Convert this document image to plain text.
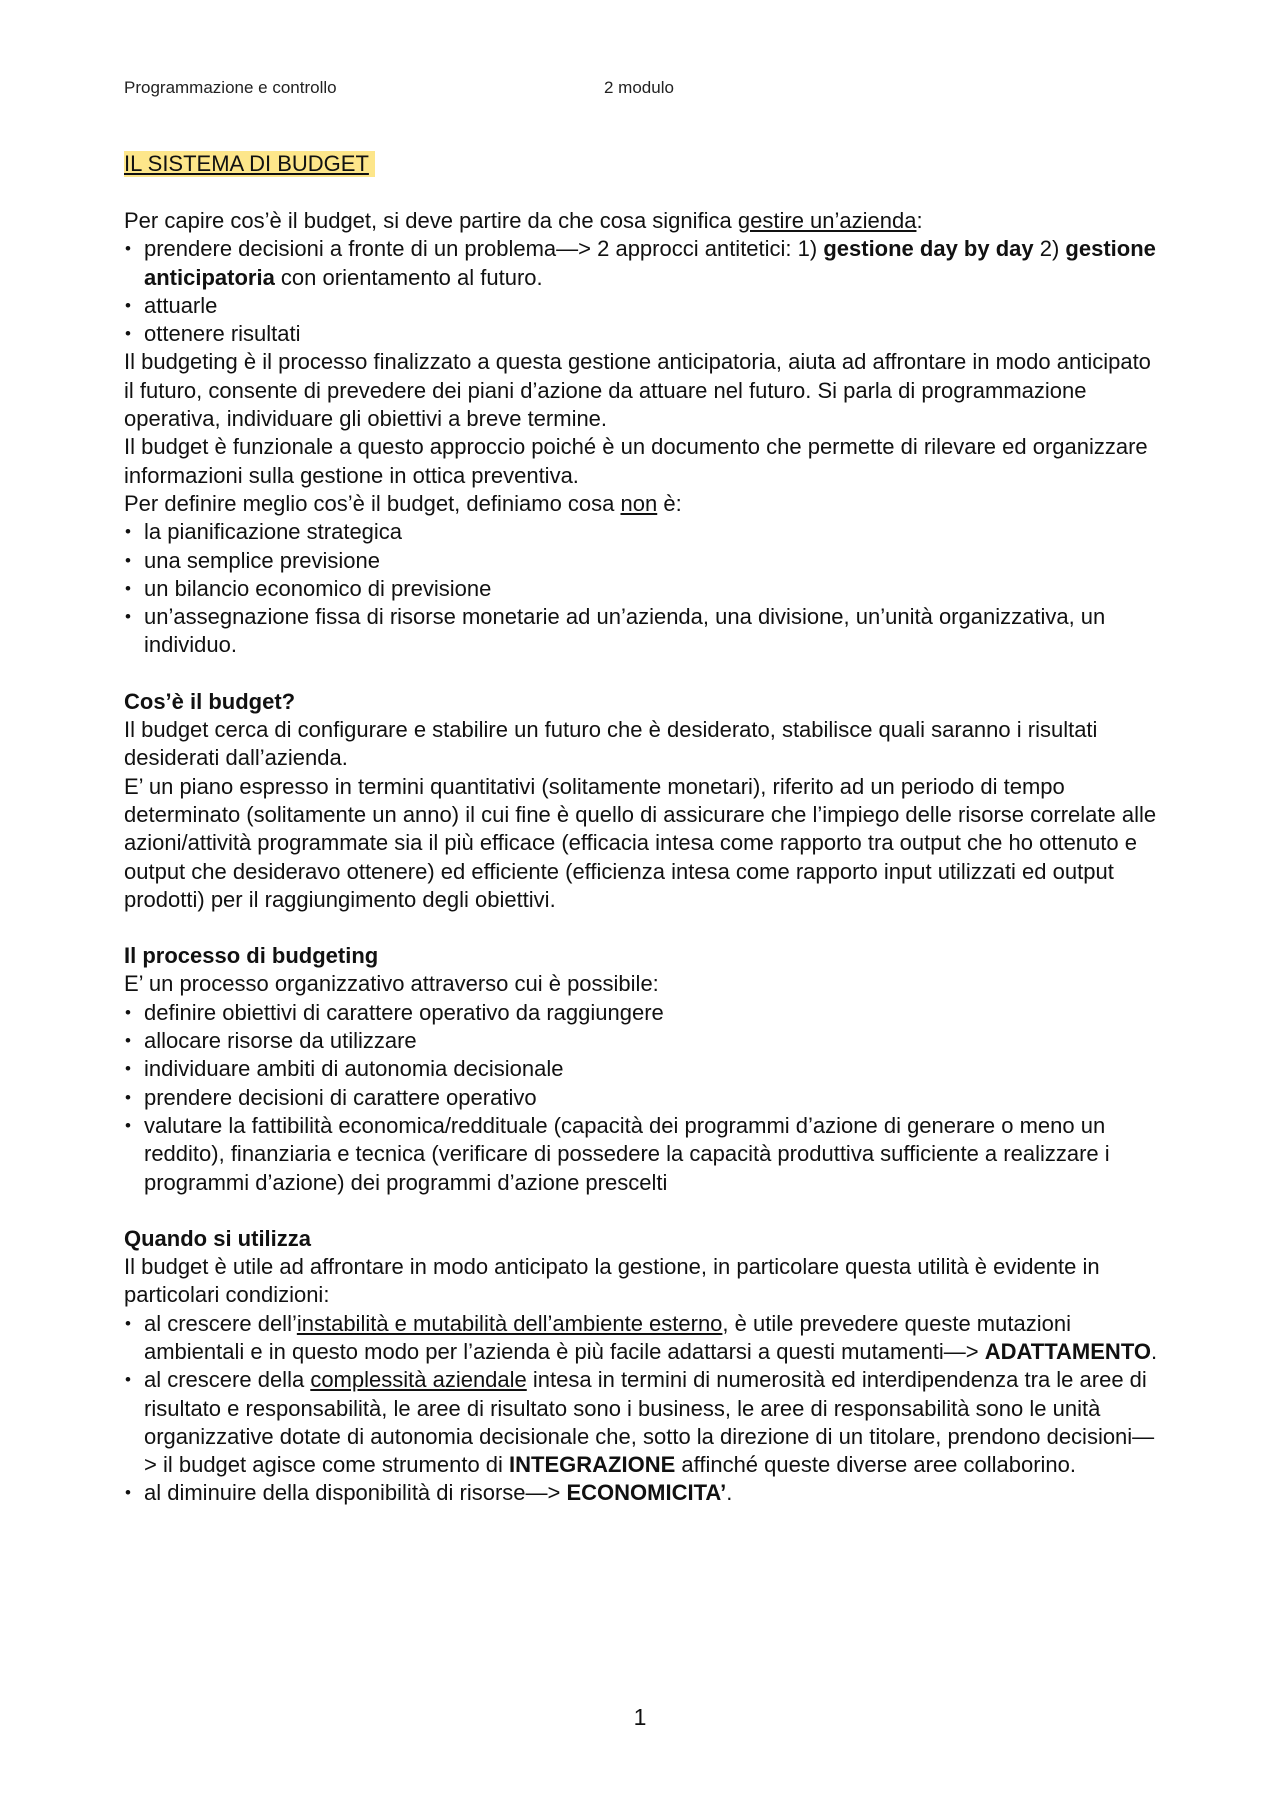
Programmazione e controllo	2 modulo
IL SISTEMA DI BUDGET

Per capire cos’è il budget, si deve partire da che cosa significa gestire un’azienda:

• prendere decisioni a fronte di un problema—> 2 approcci antitetici: 1) gestione day by day 2) gestione anticipatoria con orientamento al futuro.
• attuarle
• ottenere risultati

Il budgeting è il processo finalizzato a questa gestione anticipatoria, aiuta ad affrontare in modo anticipato il futuro, consente di prevedere dei piani d’azione da attuare nel futuro. Si parla di programmazione operativa, individuare gli obiettivi a breve termine.

Il budget è funzionale a questo approccio poiché è un documento che permette di rilevare ed organizzare informazioni sulla gestione in ottica preventiva.

Per definire meglio cos’è il budget, definiamo cosa non è:

• la pianificazione strategica
• una semplice previsione
• un bilancio economico di previsione
• un’assegnazione fissa di risorse monetarie ad un’azienda, una divisione, un’unità organizzativa, un individuo.

Cos’è il budget?

Il budget cerca di configurare e stabilire un futuro che è desiderato, stabilisce quali saranno i risultati desiderati dall’azienda.

E’ un piano espresso in termini quantitativi (solitamente monetari), riferito ad un periodo di tempo determinato (solitamente un anno) il cui fine è quello di assicurare che l’impiego delle risorse correlate alle azioni/attività programmate sia il più efficace (efficacia intesa come rapporto tra output che ho ottenuto e output che desideravo ottenere) ed efficiente (efficienza intesa come rapporto input utilizzati ed output prodotti) per il raggiungimento degli obiettivi.

Il processo di budgeting

E’ un processo organizzativo attraverso cui è possibile:

• definire obiettivi di carattere operativo da raggiungere
• allocare risorse da utilizzare
• individuare ambiti di autonomia decisionale
• prendere decisioni di carattere operativo
• valutare la fattibilità economica/reddituale (capacità dei programmi d’azione di generare o meno un reddito), finanziaria e tecnica (verificare di possedere la capacità produttiva sufficiente a realizzare i programmi d’azione) dei programmi d’azione prescelti

Quando si utilizza

Il budget è utile ad affrontare in modo anticipato la gestione, in particolare questa utilità è evidente in particolari condizioni:

• al crescere dell’instabilità e mutabilità dell’ambiente esterno, è utile prevedere queste mutazioni ambientali e in questo modo per l’azienda è più facile adattarsi a questi mutamenti—> ADATTAMENTO.
• al crescere della complessità aziendale intesa in termini di numerosità ed interdipendenza tra le aree di risultato e responsabilità, le aree di risultato sono i business, le aree di responsabilità sono le unità organizzative dotate di autonomia decisionale che, sotto la direzione di un titolare, prendono decisioni—> il budget agisce come strumento di INTEGRAZIONE affinché queste diverse aree collaborino.
• al diminuire della disponibilità di risorse—> ECONOMICITA’.
1
